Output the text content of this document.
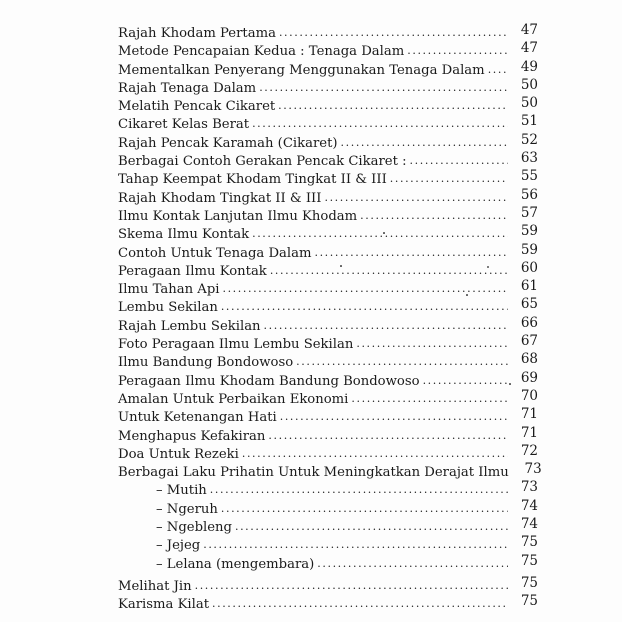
Rajah Khodam Pertama .....	47
Metode Pencapaian Kedua : Tenaga Dalam .....	47
Mementalkan Penyerang Menggunakan Tenaga Dalam .....	49
Rajah Tenaga Dalam .....	50
Melatih Pencak Cikaret .....	50
Cikaret Kelas Berat .....	51
Rajah Pencak Karamah (Cikaret) .....	52
Berbagai Contoh Gerakan Pencak Cikaret : .....	63
Tahap Keempat Khodam Tingkat II & III .....	55
Rajah Khodam Tingkat II & III .....	56
Ilmu Kontak Lanjutan Ilmu Khodam .....	57
Skema Ilmu Kontak .....	59
Contoh Untuk Tenaga Dalam .....	59
Peragaan Ilmu Kontak .....	60
Ilmu Tahan Api .....	61
Lembu Sekilan .....	65
Rajah Lembu Sekilan .....	66
Foto Peragaan Ilmu Lembu Sekilan .....	67
Ilmu Bandung Bondowoso .....	68
Peragaan Ilmu Khodam Bandung Bondowoso .....	69
Amalan Untuk Perbaikan Ekonomi .....	70
Untuk Ketenangan Hati .....	71
Menghapus Kefakiran .....	71
Doa Untuk Rezeki .....	72
Berbagai Laku Prihatin Untuk Meningkatkan Derajat Ilmu	73
– Mutih .....	73
– Ngeruh .....	74
– Ngebleng .....	74
– Jejeg .....	75
– Lelana (mengembara) .....	75
Melihat Jin .....	75
Karisma Kilat .....	75
